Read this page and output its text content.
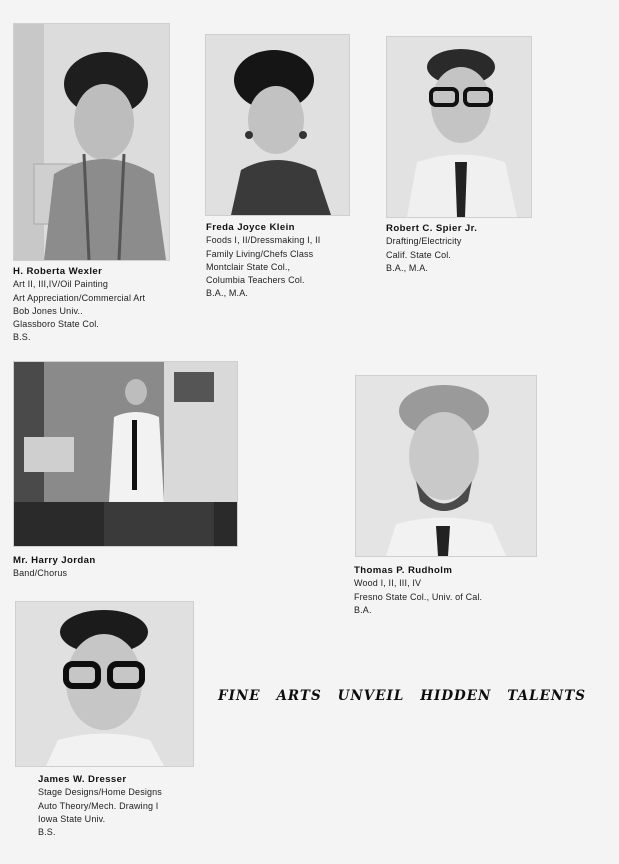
H. Roberta Wexler
Art II, III,IV/Oil Painting
Art Appreciation/Commercial Art
Bob Jones Univ..
Glassboro State Col.
B.S.
Freda Joyce Klein
Foods I, II/Dressmaking I, II
Family Living/Chefs Class
Montclair State Col.,
Columbia Teachers Col.
B.A., M.A.
Robert C. Spier Jr.
Drafting/Electricity
Calif. State Col.
B.A., M.A.
Mr. Harry Jordan
Band/Chorus	Thomas P. Rudholm
Wood I, II, III, IV
Fresno State Col., Univ. of Cal.
B.A.
James W. Dresser
Stage Designs/Home Designs
Auto Theory/Mech. Drawing I
Iowa State Univ.
B.S.
FINE ARTS UNVEIL HIDDEN TALENTS
